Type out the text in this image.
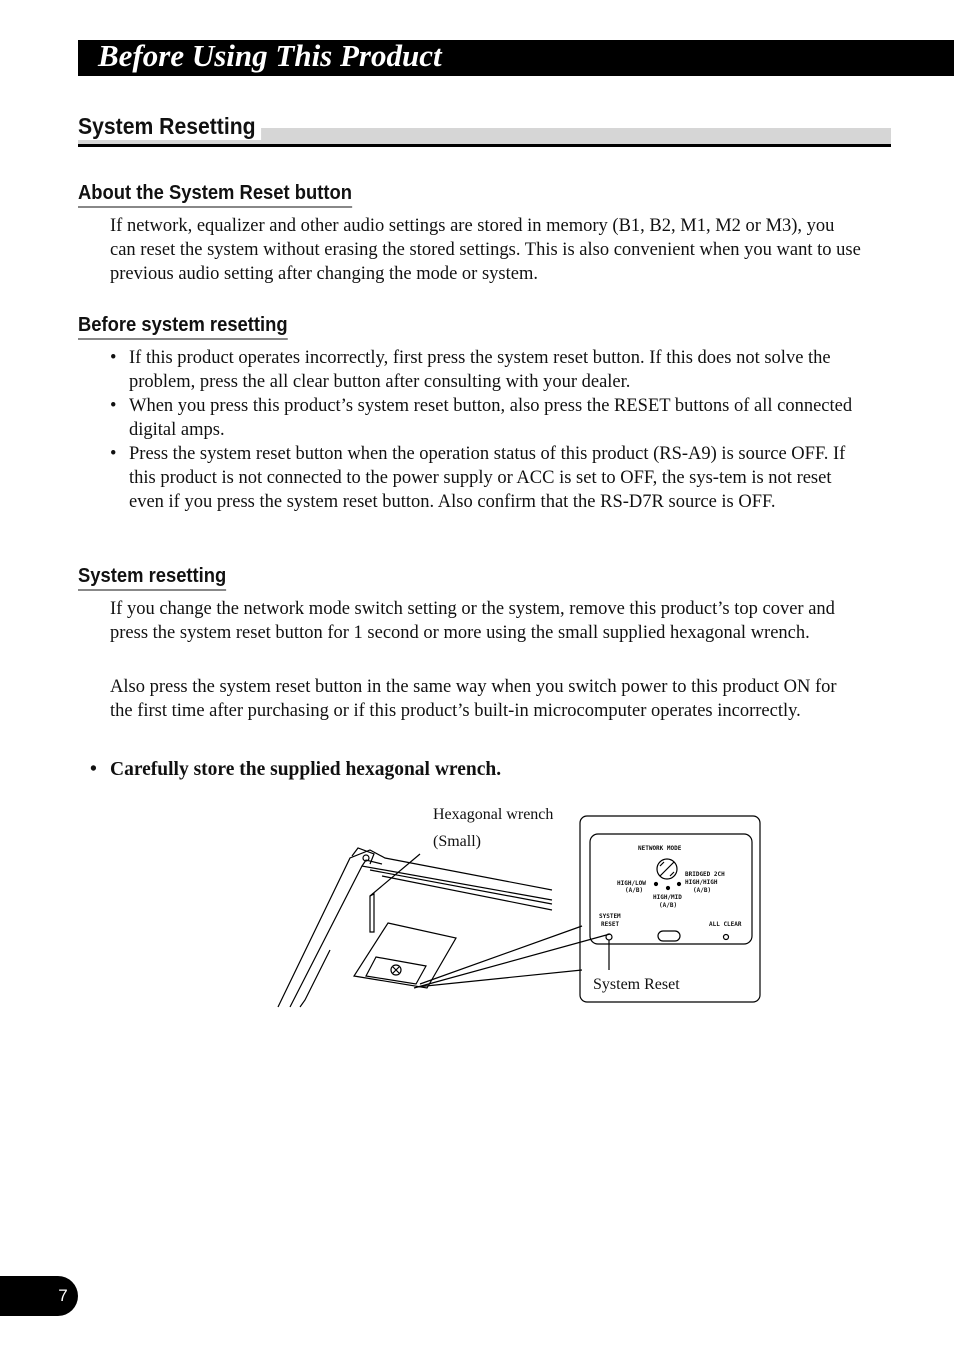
Before Using This Product
System Resetting
About the System Reset button

If network, equalizer and other audio settings are stored in memory (B1, B2, M1, M2 or M3), you can reset the system without erasing the stored settings. This is also convenient when you want to use previous audio setting after changing the mode or system.

Before system resetting
• If this product operates incorrectly, first press the system reset button. If this does not solve the problem, press the all clear button after consulting with your dealer.
• When you press this product’s system reset button, also press the RESET buttons of all connected digital amps.
• Press the system reset button when the operation status of this product (RS-A9) is source OFF. If this product is not connected to the power supply or ACC is set to OFF, the sys-tem is not reset even if you press the system reset button. Also confirm that the RS-D7R source is OFF.
System resetting

If you change the network mode switch setting or the system, remove this product’s top cover and press the system reset button for 1 second or more using the small supplied hexagonal wrench.

Also press the system reset button in the same way when you switch power to this product ON for the first time after purchasing or if this product’s built-in microcomputer operates incorrectly.

• Carefully store the supplied hexagonal wrench.
Hexagonal wrench
(Small)
System Reset
NETWORK MODE
HIGH/LOW
(A/B)
BRIDGED 2CH
HIGH/HIGH
(A/B)
HIGH/MID
(A/B)
SYSTEM
RESET	ALL CLEAR
7
